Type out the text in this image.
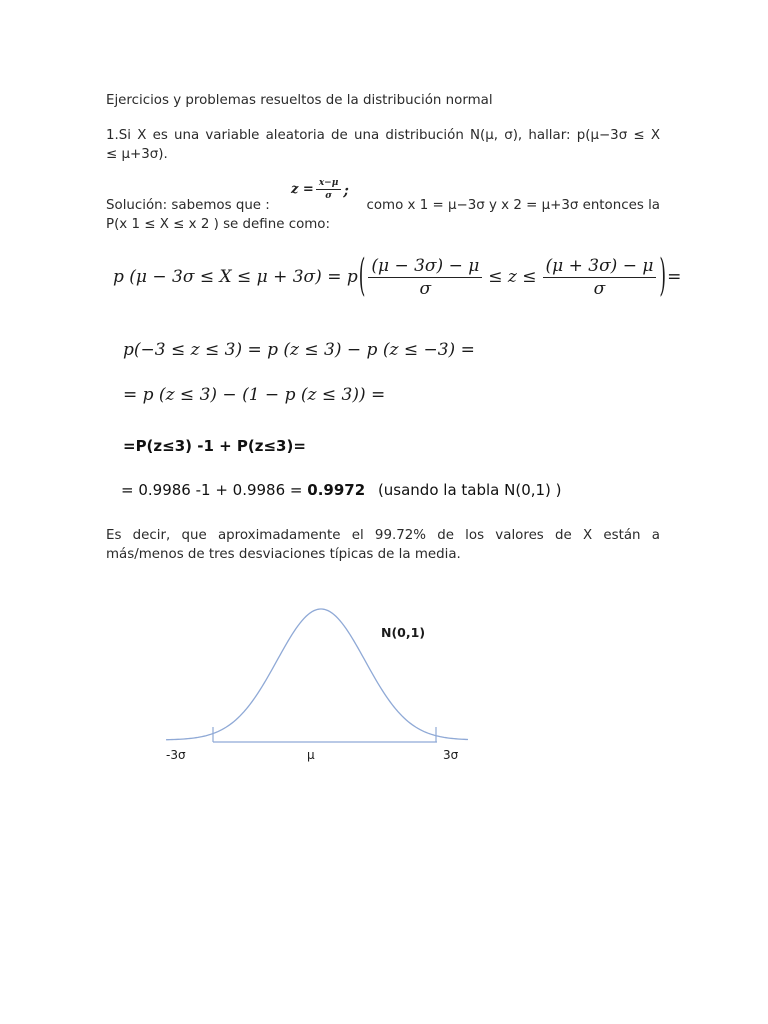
Ejercicios y problemas resueltos de la distribución normal
1.Si X es una variable aleatoria de una distribución N(μ, σ), hallar: p(μ−3σ ≤ X
≤ μ+3σ).
Solución: sabemos que :
$z = \frac{x-\mu}{\sigma}$ ;
como x 1 = μ−3σ y x 2 = μ+3σ entonces la
P(x 1 ≤ X ≤ x 2 ) se define como:
p (μ − 3σ ≤ X ≤ μ + 3σ) = p ( $\frac{(\mu - 3\sigma) - \mu}{\sigma} \le z \le \frac{(\mu + 3\sigma) - \mu}{\sigma}$ ) =
p(−3 ≤ z ≤ 3) = p (z ≤ 3) − p (z ≤ −3) =
= p (z ≤ 3) − (1 − p (z ≤ 3)) =
=P(z≤3) -1 + P(z≤3)=
= 0.9986 -1 + 0.9986 = 0.9972 (usando la tabla N(0,1) )
Es decir, que aproximadamente el 99.72% de los valores de X están a
más/menos de tres desviaciones típicas de la media.
N(0,1)
-3σ	μ	3σ
